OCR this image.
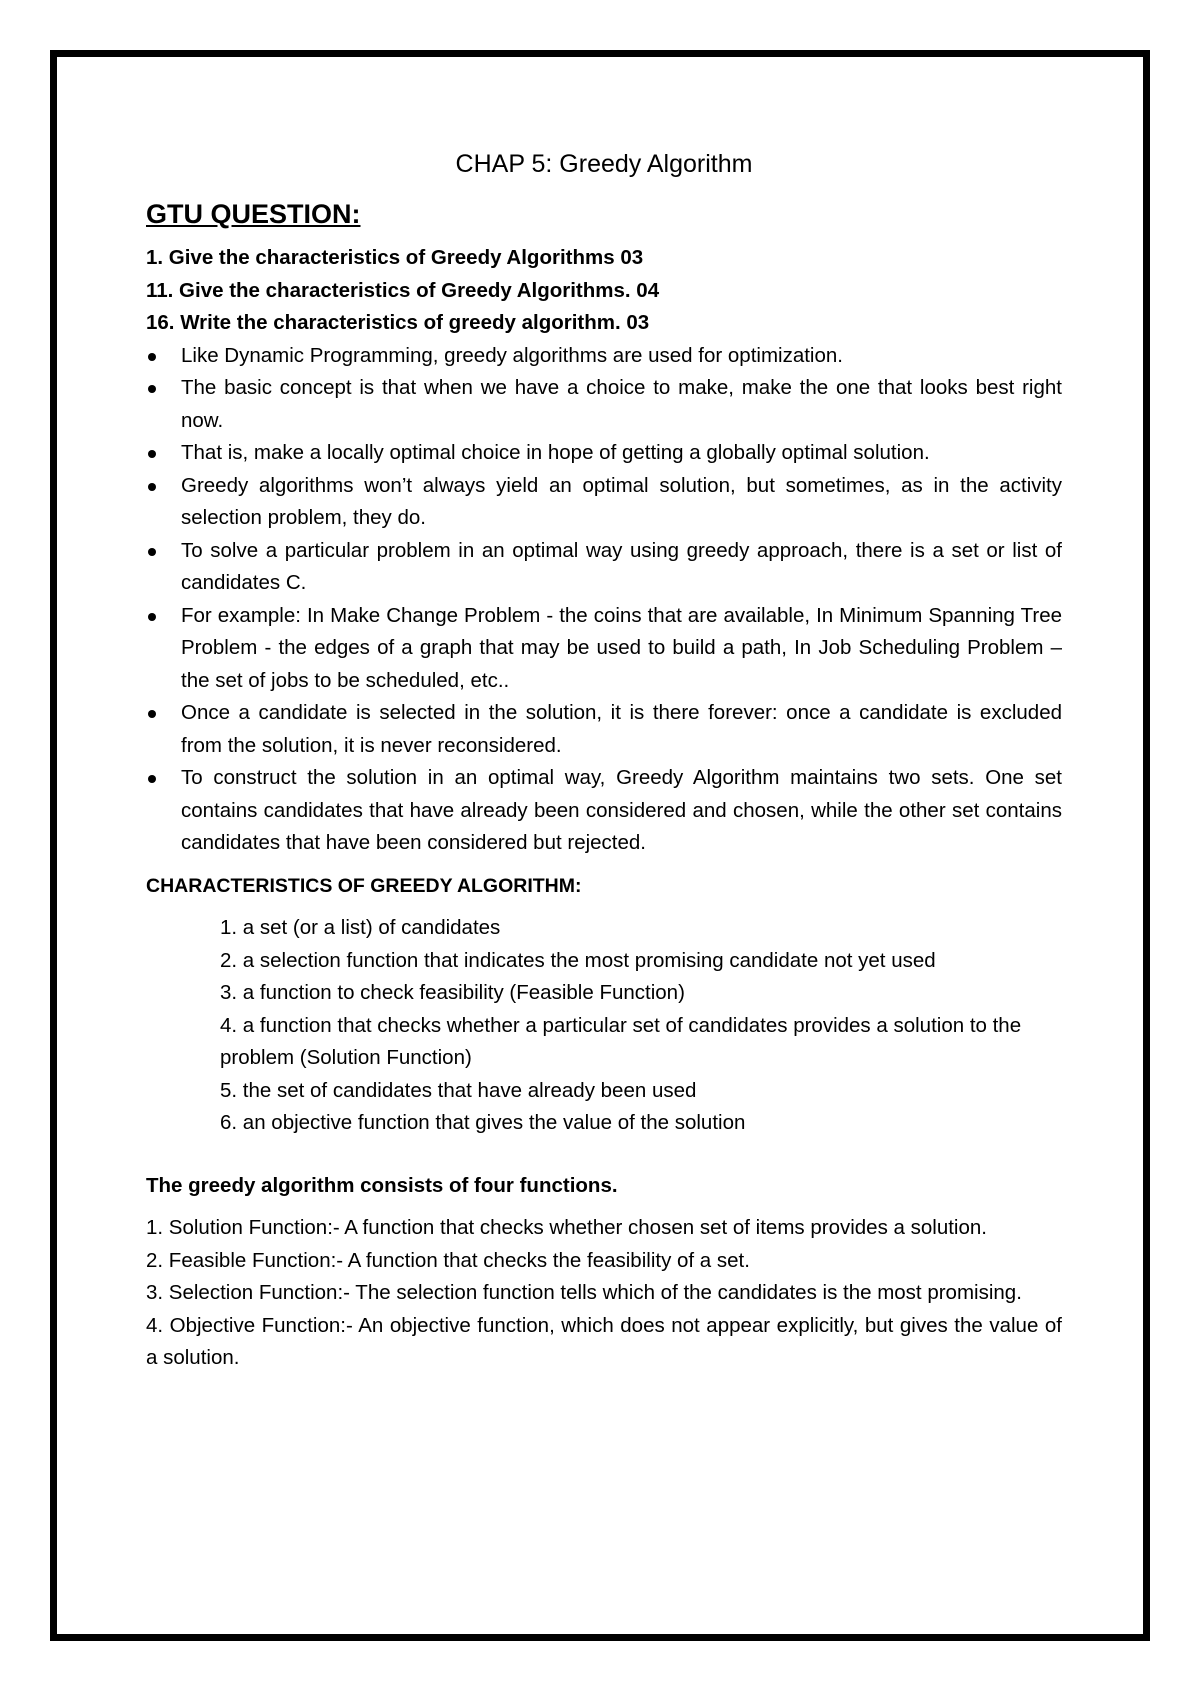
CHAP 5: Greedy Algorithm
GTU QUESTION:

1. Give the characteristics of Greedy Algorithms 03

11. Give the characteristics of Greedy Algorithms. 04

16. Write the characteristics of greedy algorithm. 03

Like Dynamic Programming, greedy algorithms are used for optimization.
The basic concept is that when we have a choice to make, make the one that looks best right now.
That is, make a locally optimal choice in hope of getting a globally optimal solution.
Greedy algorithms won’t always yield an optimal solution, but sometimes, as in the activity selection problem, they do.
To solve a particular problem in an optimal way using greedy approach, there is a set or list of candidates C.
For example: In Make Change Problem - the coins that are available, In Minimum Spanning Tree Problem - the edges of a graph that may be used to build a path, In Job Scheduling Problem – the set of jobs to be scheduled, etc..
Once a candidate is selected in the solution, it is there forever: once a candidate is excluded from the solution, it is never reconsidered.
To construct the solution in an optimal way, Greedy Algorithm maintains two sets. One set contains candidates that have already been considered and chosen, while the other set contains candidates that have been considered but rejected.
CHARACTERISTICS OF GREEDY ALGORITHM:
1. a set (or a list) of candidates
2. a selection function that indicates the most promising candidate not yet used
3. a function to check feasibility (Feasible Function)
4. a function that checks whether a particular set of candidates provides a solution to the problem (Solution Function)
5. the set of candidates that have already been used
6. an objective function that gives the value of the solution

The greedy algorithm consists of four functions.

1. Solution Function:- A function that checks whether chosen set of items provides a solution.

2. Feasible Function:- A function that checks the feasibility of a set.

3. Selection Function:- The selection function tells which of the candidates is the most promising.

4. Objective Function:- An objective function, which does not appear explicitly, but gives the value of a solution.
